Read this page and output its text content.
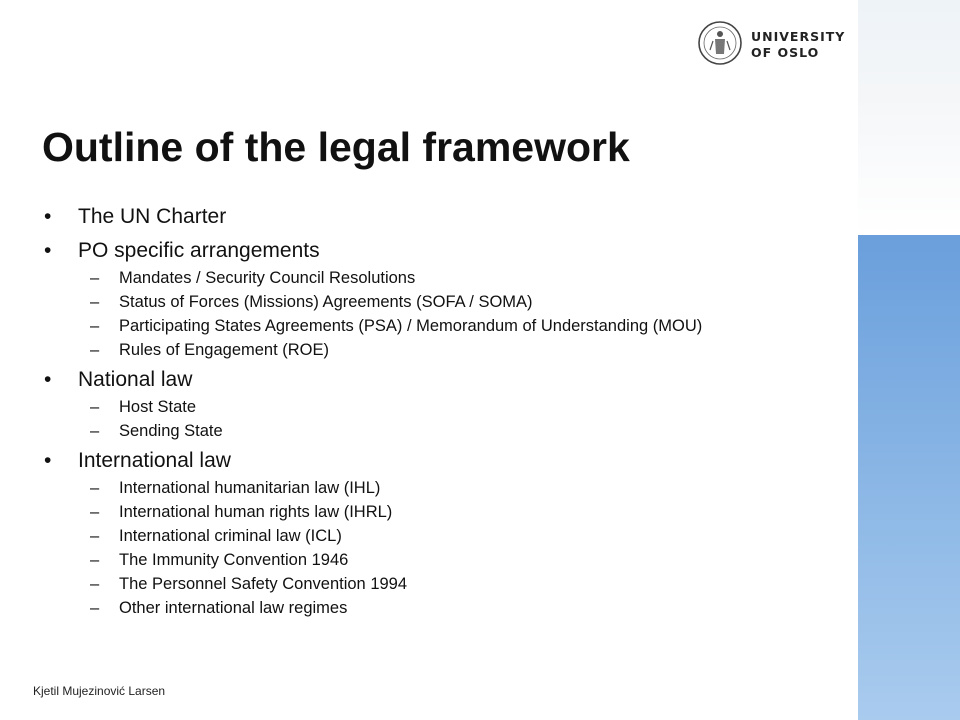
UNIVERSITY
OF OSLO
Outline of the legal framework
• The UN Charter
• PO specific arrangements
– Mandates / Security Council Resolutions
– Status of Forces (Missions) Agreements (SOFA / SOMA)
– Participating States Agreements (PSA) / Memorandum of Understanding (MOU)
– Rules of Engagement (ROE)
• National law
– Host State
– Sending State
• International law
– International humanitarian law (IHL)
– International human rights law (IHRL)
– International criminal law (ICL)
– The Immunity Convention 1946
– The Personnel Safety Convention 1994
– Other international law regimes
Kjetil Mujezinović Larsen
